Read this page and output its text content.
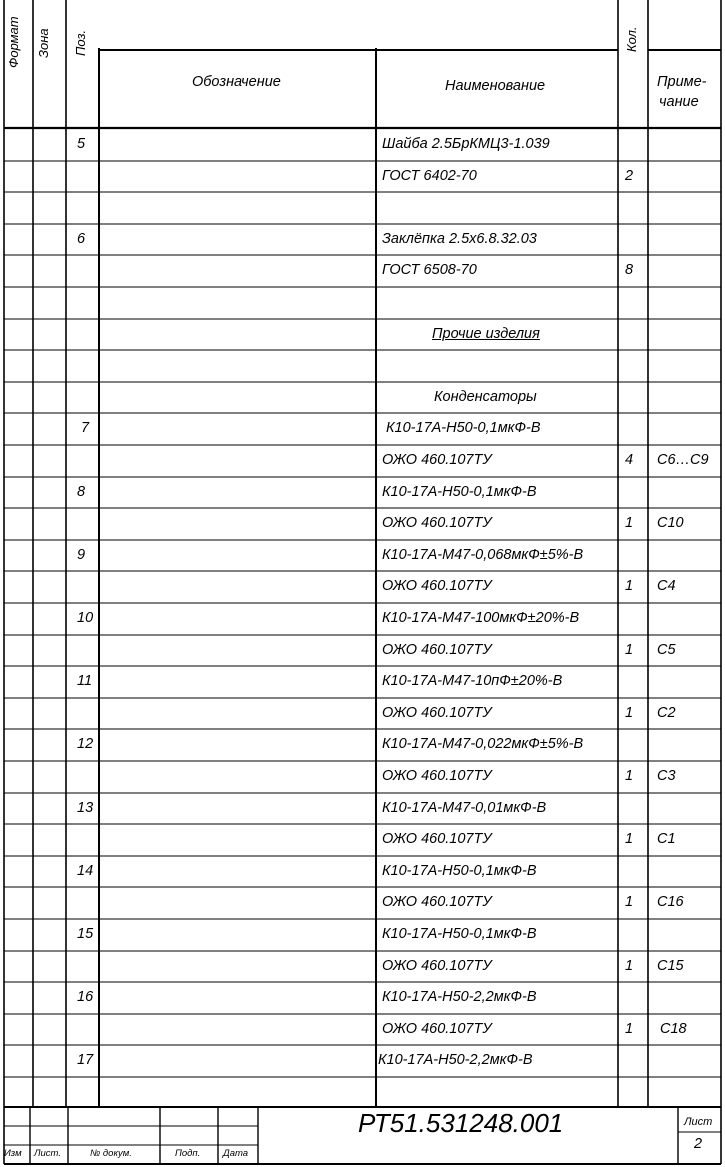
Формат Зона Поз.
Обозначение	Наименование
Кол.
Приме-
чание
5	Шайба 2.5БрКМЦ3-1.039
ГОСТ 6402-70	2
6	Заклёпка 2.5х6.8.32.03
ГОСТ 6508-70	8
Прочие изделия
Конденсаторы
7	К10-17А-Н50-0,1мкФ-В
ОЖО 460.107ТУ	4 С6…С9
8	К10-17А-Н50-0,1мкФ-В
ОЖО 460.107ТУ	1 С10
9	К10-17А-М47-0,068мкФ±5%-В
ОЖО 460.107ТУ	1 С4
10	К10-17А-М47-100мкФ±20%-В
ОЖО 460.107ТУ	1 С5
11	К10-17А-М47-10пФ±20%-В
ОЖО 460.107ТУ	1 С2
12	К10-17А-М47-0,022мкФ±5%-В
ОЖО 460.107ТУ	1 С3
13	К10-17А-М47-0,01мкФ-В
ОЖО 460.107ТУ	1 С1
14	К10-17А-Н50-0,1мкФ-В
ОЖО 460.107ТУ	1 С16
15	К10-17А-Н50-0,1мкФ-В
ОЖО 460.107ТУ	1 С15
16	К10-17А-Н50-2,2мкФ-В
ОЖО 460.107ТУ	1 С18
17	К10-17А-Н50-2,2мкФ-В
Изм Лист.	№ докум.	Подп. Дата
РТ51.531248.001	Лист
2
